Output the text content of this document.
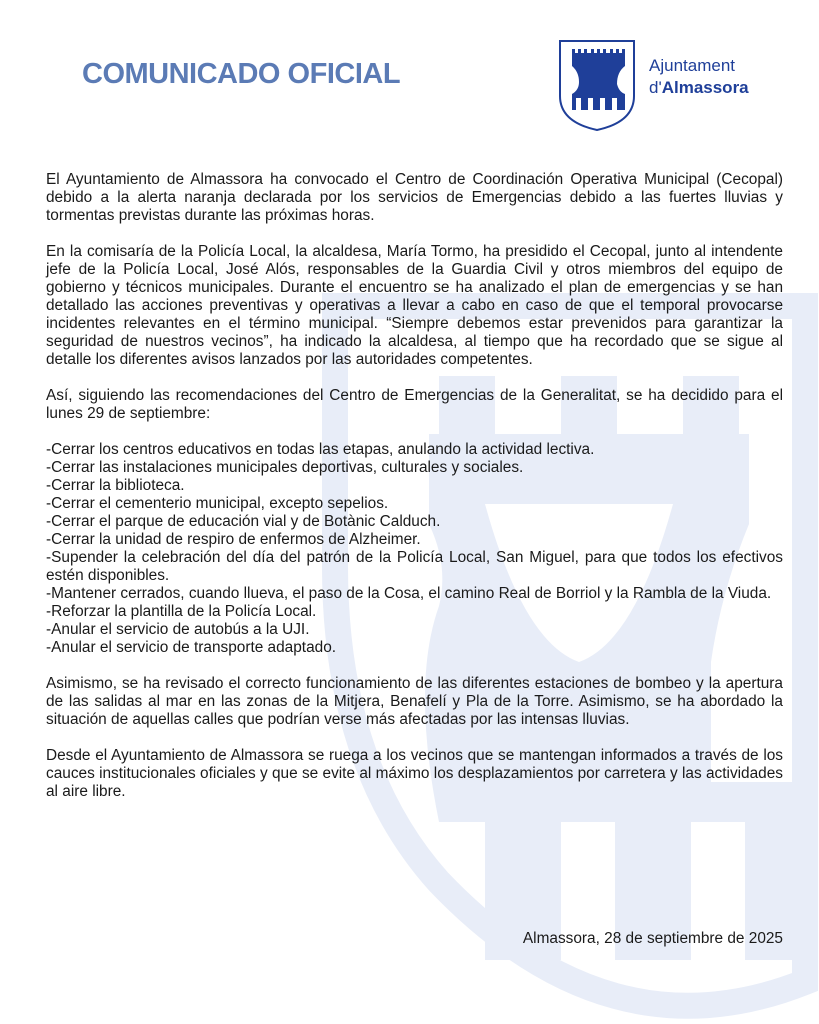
COMUNICADO OFICIAL	Ajuntament
d'Almassora

El Ayuntamiento de Almassora ha convocado el Centro de Coordinación Operativa Municipal (Cecopal) debido a la alerta naranja declarada por los servicios de Emergencias debido a las fuertes lluvias y tormentas previstas durante las próximas horas.

En la comisaría de la Policía Local, la alcaldesa, María Tormo, ha presidido el Cecopal, junto al intendente jefe de la Policía Local, José Alós, responsables de la Guardia Civil y otros miembros del equipo de gobierno y técnicos municipales. Durante el encuentro se ha analizado el plan de emergencias y se han detallado las acciones preventivas y operativas a llevar a cabo en caso de que el temporal provocarse incidentes relevantes en el término municipal. “Siempre debemos estar prevenidos para garantizar la seguridad de nuestros vecinos”, ha indicado la alcaldesa, al tiempo que ha recordado que se sigue al detalle los diferentes avisos lanzados por las autoridades competentes.

Así, siguiendo las recomendaciones del Centro de Emergencias de la Generalitat, se ha decidido para el lunes 29 de septiembre:

-Cerrar los centros educativos en todas las etapas, anulando la actividad lectiva.
-Cerrar las instalaciones municipales deportivas, culturales y sociales.
-Cerrar la biblioteca.
-Cerrar el cementerio municipal, excepto sepelios.
-Cerrar el parque de educación vial y de Botànic Calduch.
-Cerrar la unidad de respiro de enfermos de Alzheimer.
-Supender la celebración del día del patrón de la Policía Local, San Miguel, para que todos los efectivos estén disponibles.
-Mantener cerrados, cuando llueva, el paso de la Cosa, el camino Real de Borriol y la Rambla de la Viuda.
-Reforzar la plantilla de la Policía Local.
-Anular el servicio de autobús a la UJI.
-Anular el servicio de transporte adaptado.

Asimismo, se ha revisado el correcto funcionamiento de las diferentes estaciones de bombeo y la apertura de las salidas al mar en las zonas de la Mitjera, Benafelí y Pla de la Torre. Asimismo, se ha abordado la situación de aquellas calles que podrían verse más afectadas por las intensas lluvias.

Desde el Ayuntamiento de Almassora se ruega a los vecinos que se mantengan informados a través de los cauces institucionales oficiales y que se evite al máximo los desplazamientos por carretera y las actividades al aire libre.

Almassora, 28 de septiembre de 2025
